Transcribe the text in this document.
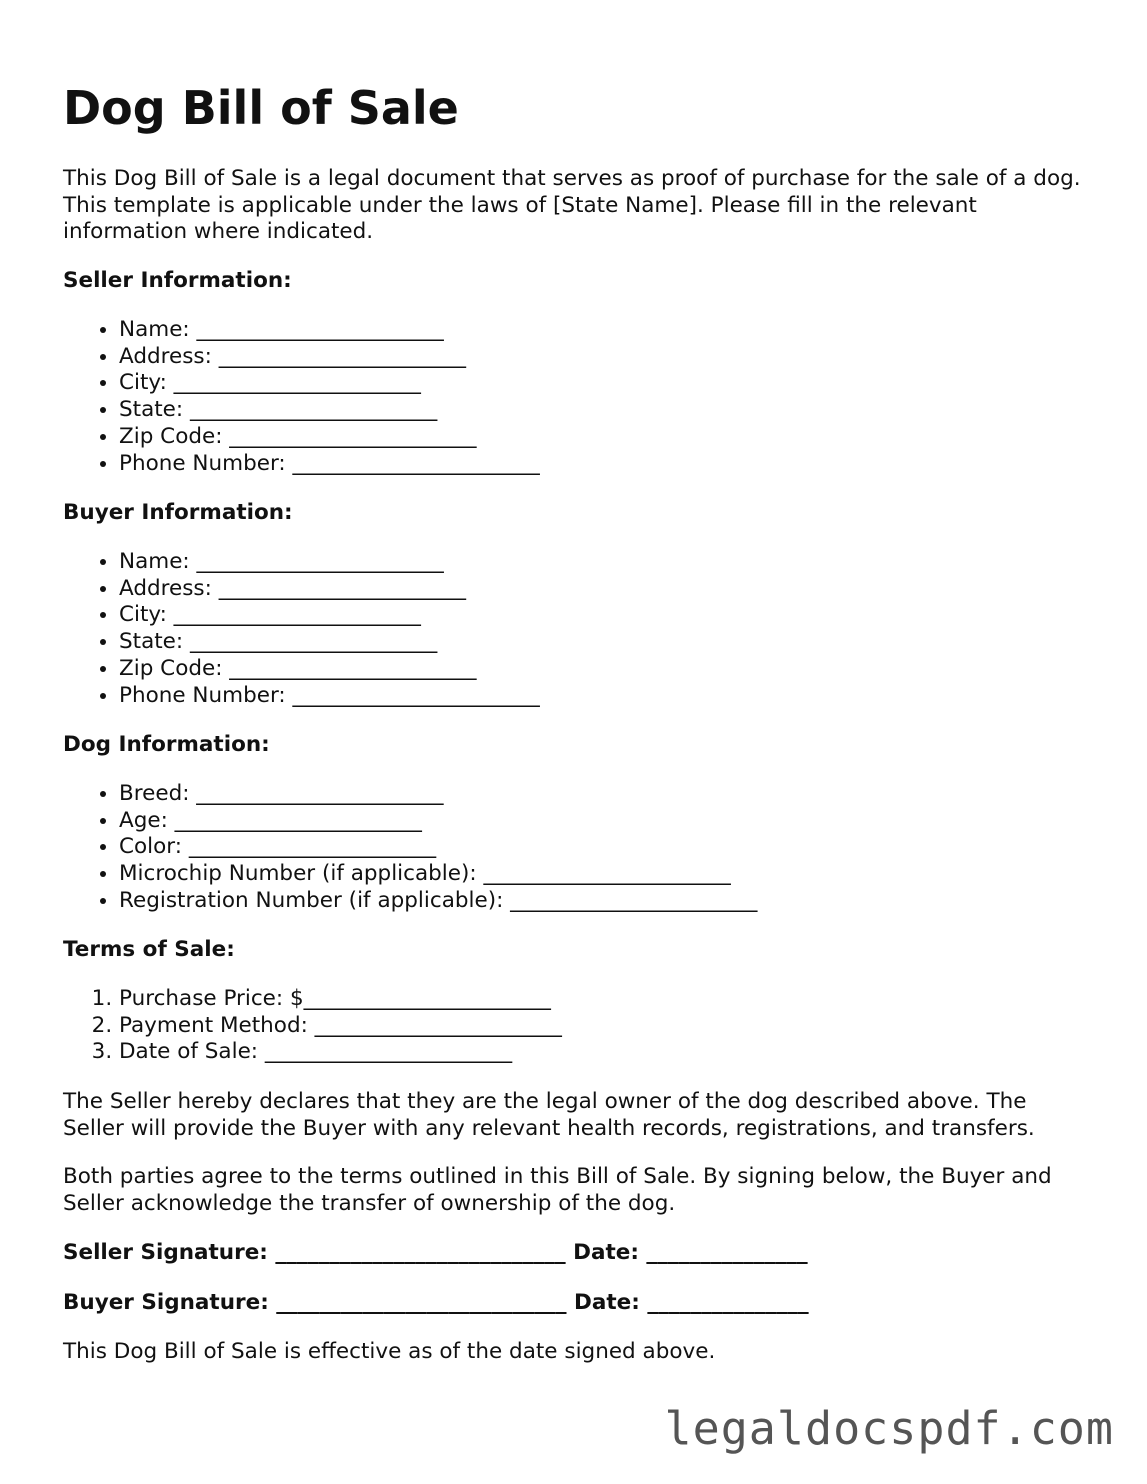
Dog Bill of Sale

This Dog Bill of Sale is a legal document that serves as proof of purchase for the sale of a dog. This template is applicable under the laws of [State Name]. Please fill in the relevant information where indicated.

Seller Information:

• Name: _______________________
• Address: _______________________
• City: _______________________
• State: _______________________
• Zip Code: _______________________
• Phone Number: _______________________

Buyer Information:

• Name: _______________________
• Address: _______________________
• City: _______________________
• State: _______________________
• Zip Code: _______________________
• Phone Number: _______________________

Dog Information:

• Breed: _______________________
• Age: _______________________
• Color: _______________________
• Microchip Number (if applicable): _______________________
• Registration Number (if applicable): _______________________

Terms of Sale:

1. Purchase Price: $_______________________
2. Payment Method: _______________________
3. Date of Sale: _______________________

The Seller hereby declares that they are the legal owner of the dog described above. The Seller will provide the Buyer with any relevant health records, registrations, and transfers.

Both parties agree to the terms outlined in this Bill of Sale. By signing below, the Buyer and Seller acknowledge the transfer of ownership of the dog.

Seller Signature: ___________________________ Date: _______________

Buyer Signature: ___________________________ Date: _______________

This Dog Bill of Sale is effective as of the date signed above.

legaldocspdf.com
